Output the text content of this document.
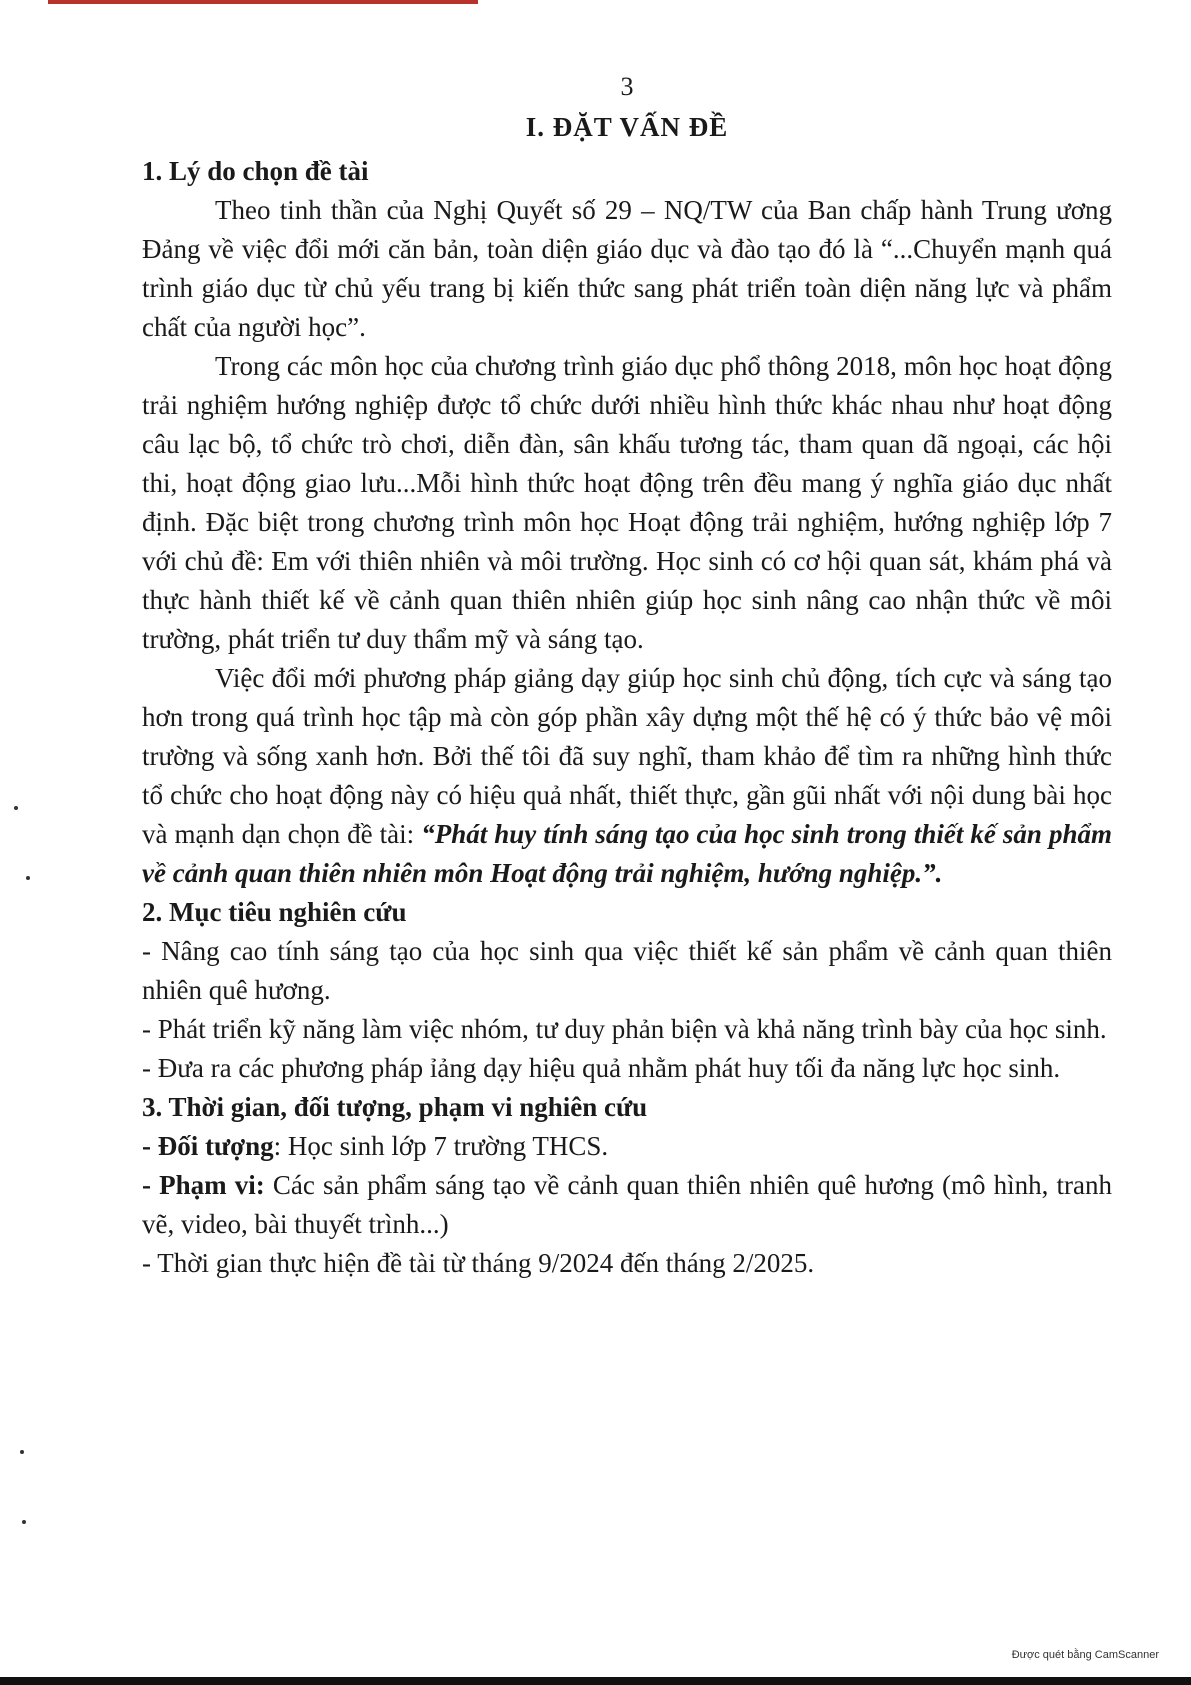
3

I. ĐẶT VẤN ĐỀ

1. Lý do chọn đề tài

Theo tinh thần của Nghị Quyết số 29 – NQ/TW của Ban chấp hành Trung ương Đảng về việc đổi mới căn bản, toàn diện giáo dục và đào tạo đó là “...Chuyển mạnh quá trình giáo dục từ chủ yếu trang bị kiến thức sang phát triển toàn diện năng lực và phẩm chất của người học”.

Trong các môn học của chương trình giáo dục phổ thông 2018, môn học hoạt động trải nghiệm hướng nghiệp được tổ chức dưới nhiều hình thức khác nhau như hoạt động câu lạc bộ, tổ chức trò chơi, diễn đàn, sân khấu tương tác, tham quan dã ngoại, các hội thi, hoạt động giao lưu...Mỗi hình thức hoạt động trên đều mang ý nghĩa giáo dục nhất định. Đặc biệt trong chương trình môn học Hoạt động trải nghiệm, hướng nghiệp lớp 7 với chủ đề: Em với thiên nhiên và môi trường. Học sinh có cơ hội quan sát, khám phá và thực hành thiết kế về cảnh quan thiên nhiên giúp học sinh nâng cao nhận thức về môi trường, phát triển tư duy thẩm mỹ và sáng tạo.

Việc đổi mới phương pháp giảng dạy giúp học sinh chủ động, tích cực và sáng tạo hơn trong quá trình học tập mà còn góp phần xây dựng một thế hệ có ý thức bảo vệ môi trường và sống xanh hơn. Bởi thế tôi đã suy nghĩ, tham khảo để tìm ra những hình thức tổ chức cho hoạt động này có hiệu quả nhất, thiết thực, gần gũi nhất với nội dung bài học và mạnh dạn chọn đề tài: “Phát huy tính sáng tạo của học sinh trong thiết kế sản phẩm về cảnh quan thiên nhiên môn Hoạt động trải nghiệm, hướng nghiệp.”.

2. Mục tiêu nghiên cứu

- Nâng cao tính sáng tạo của học sinh qua việc thiết kế sản phẩm về cảnh quan thiên nhiên quê hương.

- Phát triển kỹ năng làm việc nhóm, tư duy phản biện và khả năng trình bày của học sinh.

- Đưa ra các phương pháp ỉảng dạy hiệu quả nhằm phát huy tối đa năng lực học sinh.

3. Thời gian, đối tượng, phạm vi nghiên cứu

- Đối tượng: Học sinh lớp 7 trường THCS.

- Phạm vi: Các sản phẩm sáng tạo về cảnh quan thiên nhiên quê hương (mô hình, tranh vẽ, video, bài thuyết trình...)

- Thời gian thực hiện đề tài từ tháng 9/2024 đến tháng 2/2025.

Được quét bằng CamScanner
